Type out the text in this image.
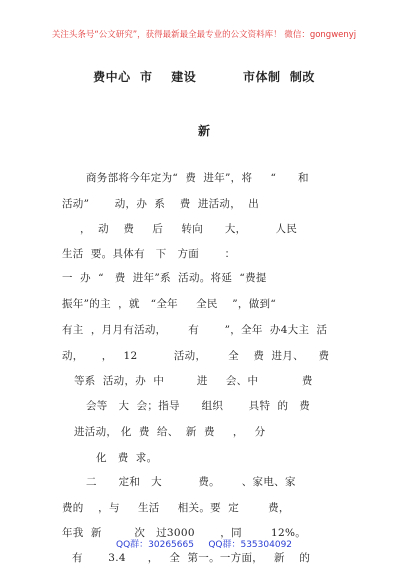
关注头条号“公文研究”，获得最新最全最专业的公文资料库！ 微信：gongwenyj
费中心  市    建设          市体制  制改
新
商务部将今年定为“  费  进年”，将     “      和
活动”       动，办  系    费  进活动，  出
，  动    费     后     转向      大，        人民
生活  要。具体有   下   方面       ：
一  办  “   费  进年”系  活动。将延  “费提
振年”的主  ，就   “全年     全民    ”，做到“
有主  ，月月有活动，      有       ”，全年  办4大主  活
动，     ，   12          活动，      全    费  进月、    费
等系  活动，办  中         进     会、中            费
会等   大  会；指导      组织       具特  的   费
进活动， 化  费  给、  新  费     ，   分
化   费  求。
二      定和   大          费。      、家电、家
费的    ，与     生活     相关。要  定        费，
年我  新         次   过3000       ，同        12%。
有       3.4      ，   全  第一。一方面，   新    的
QQ群：30265665 QQ群：535304092
